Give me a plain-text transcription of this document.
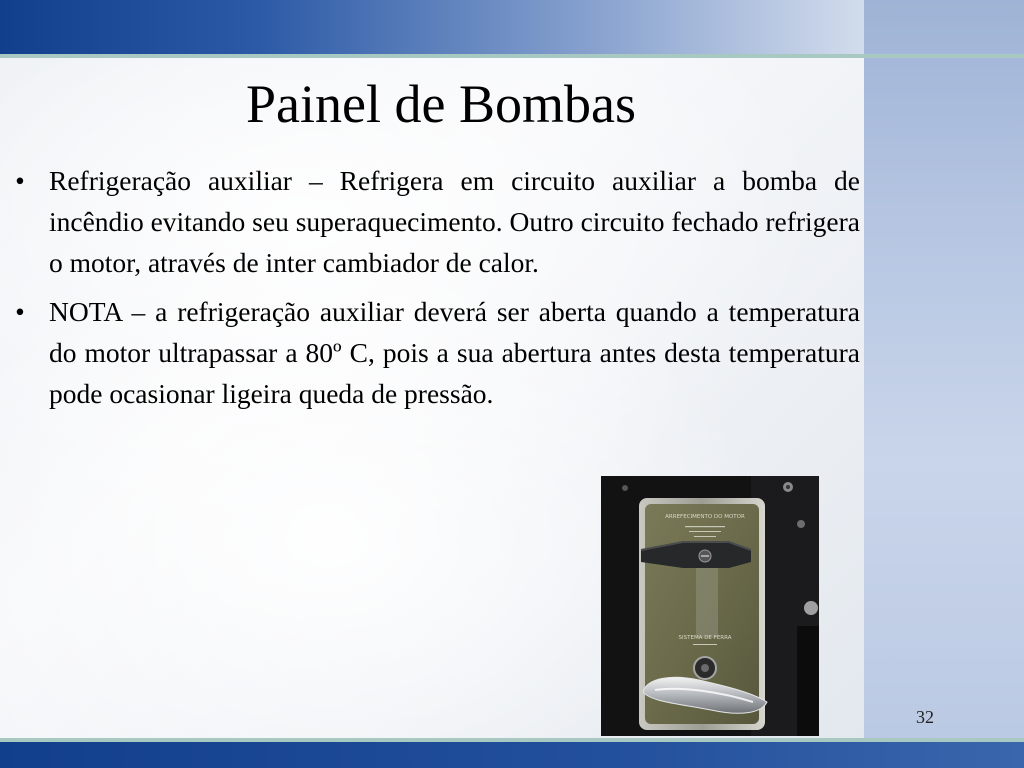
Painel de Bombas
• Refrigeração auxiliar – Refrigera em circuito auxiliar a bomba de incêndio evitando seu superaquecimento. Outro circuito fechado refrigera o motor, através de inter cambiador de calor.
• NOTA – a refrigeração auxiliar deverá ser aberta quando a temperatura do motor ultrapassar a 80º C, pois a sua abertura antes desta temperatura pode ocasionar ligeira queda de pressão.
ARREFECIMENTO DO MOTOR
SISTEMA DE FERRA
32
